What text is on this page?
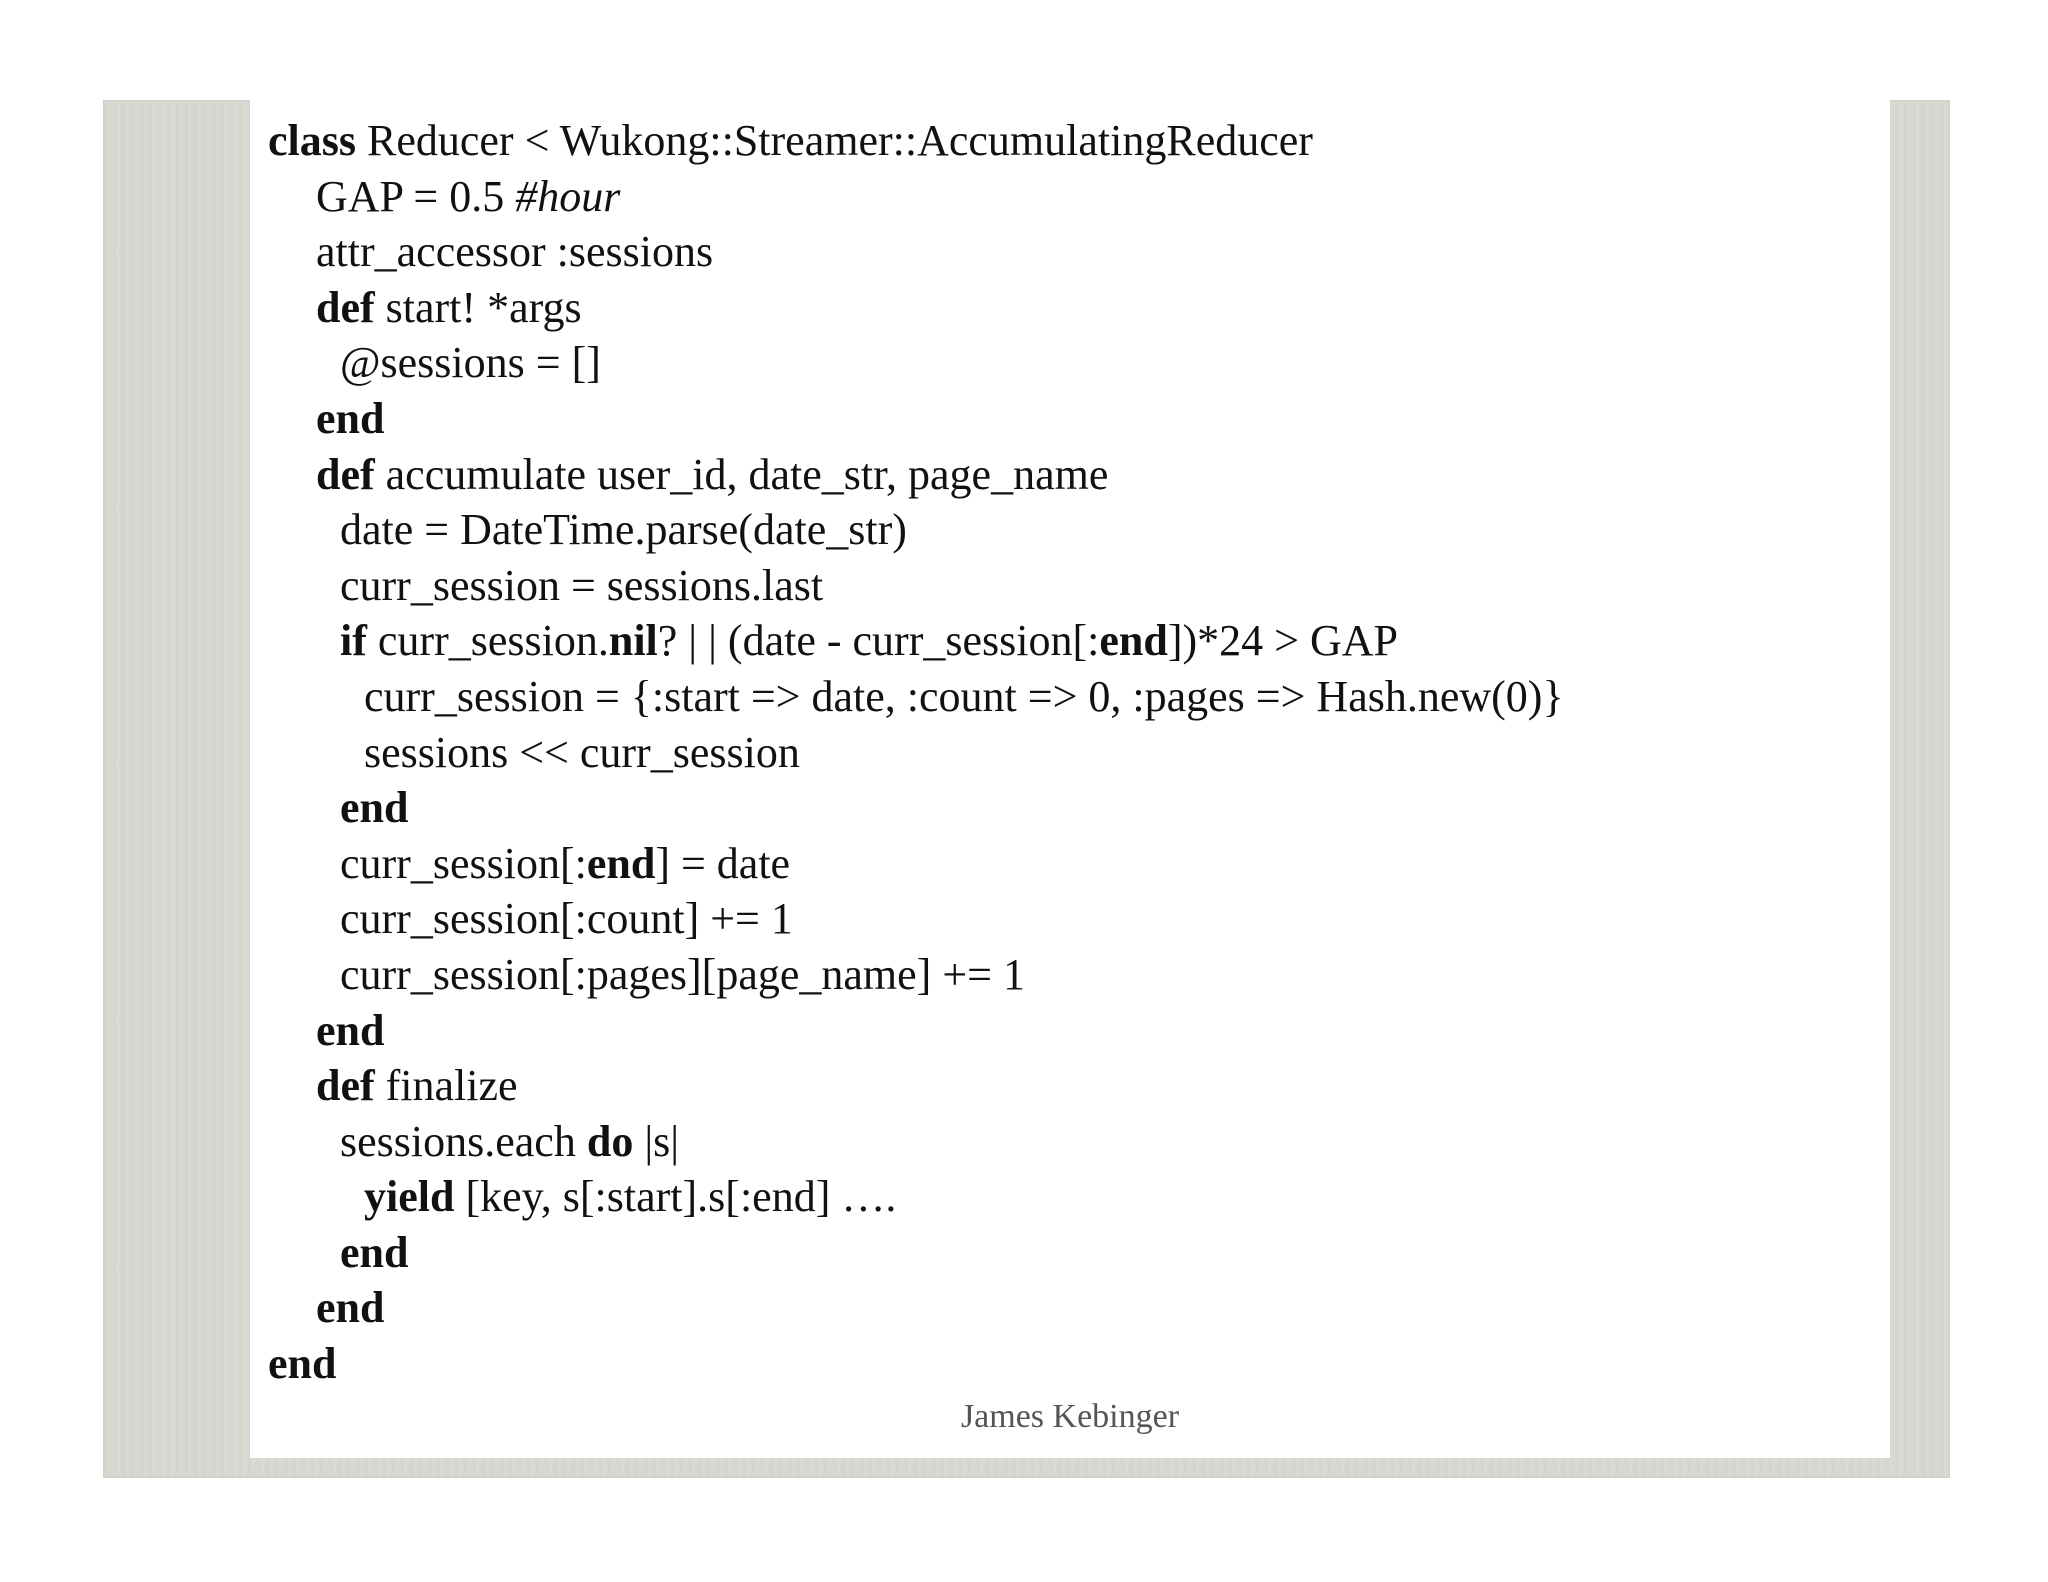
class Reducer < Wukong::Streamer::AccumulatingReducer
GAP = 0.5 #hour
attr_accessor :sessions
def start! *args
@sessions = []
end
def accumulate user_id, date_str, page_name
date = DateTime.parse(date_str)
curr_session = sessions.last
if curr_session.nil? | | (date - curr_session[:end])*24 > GAP
curr_session = {:start => date, :count => 0, :pages => Hash.new(0)}
sessions << curr_session
end
curr_session[:end] = date
curr_session[:count] += 1
curr_session[:pages][page_name] += 1
end
def finalize
sessions.each do |s|
yield [key, s[:start].s[:end] ….
end
end
end
James Kebinger
